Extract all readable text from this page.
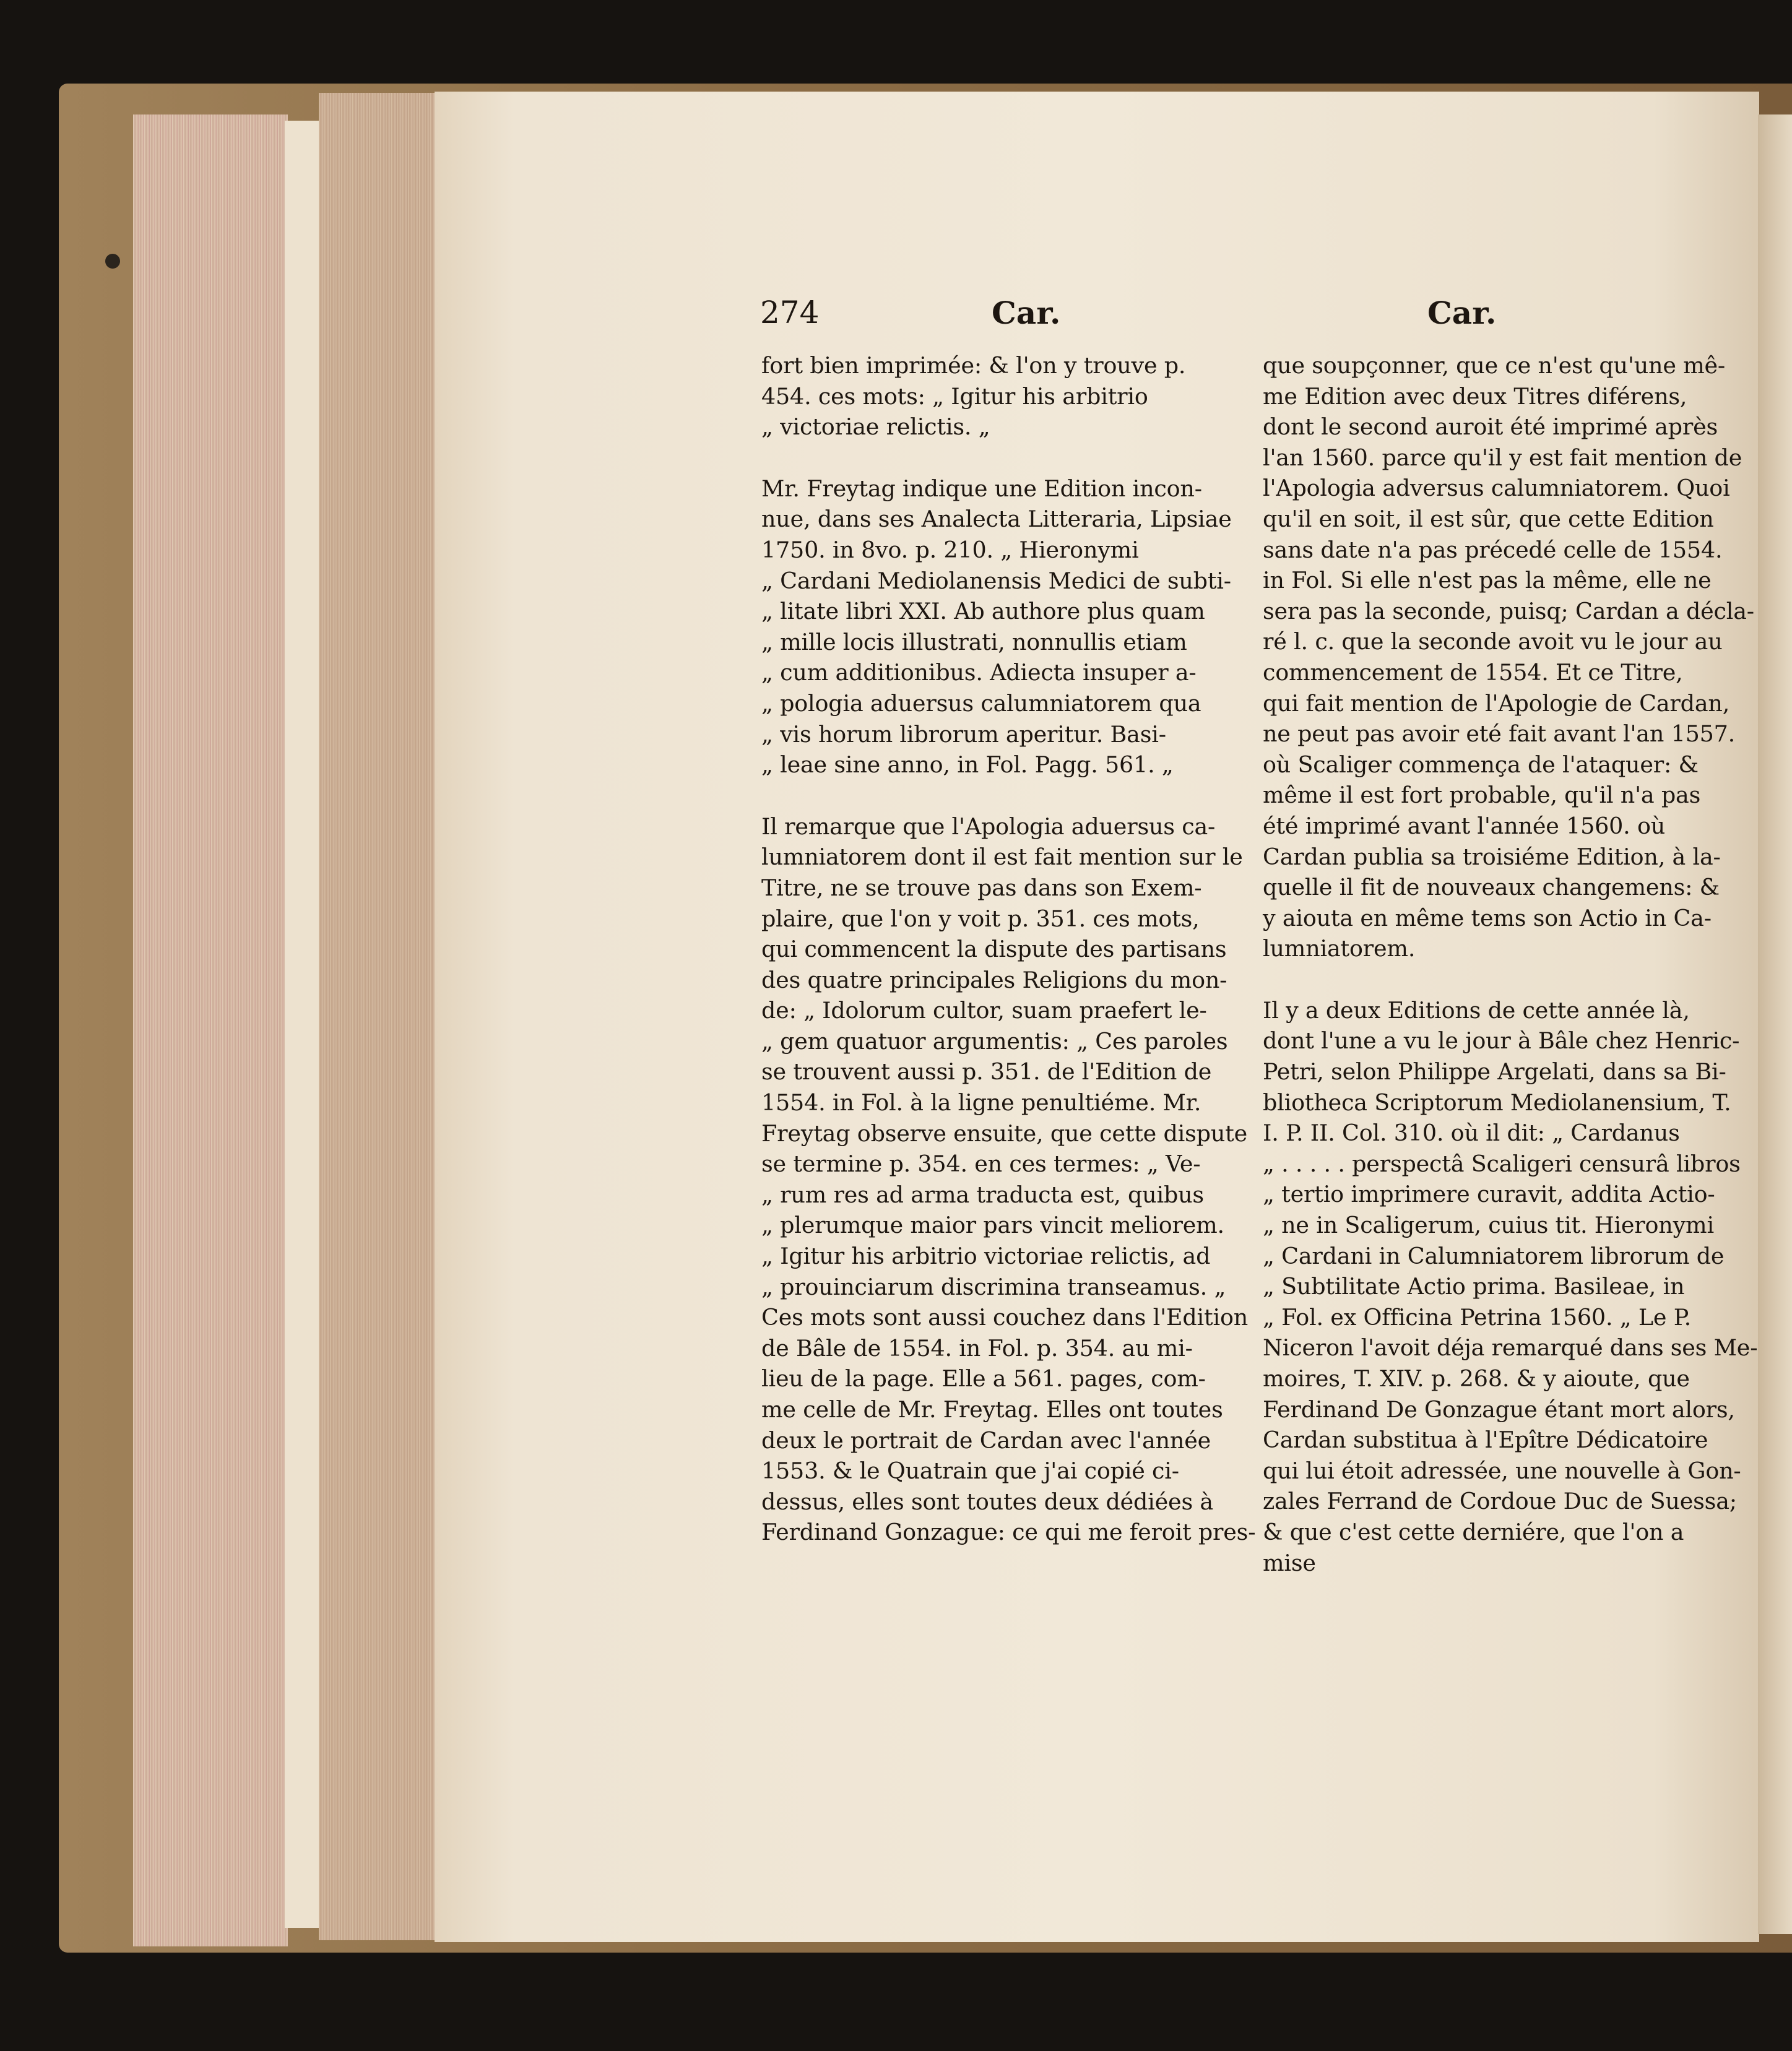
274	Car.	Car.
fort bien imprimée: & l'on y trouve p.
454. ces mots: „ Igitur his arbitrio
„ victoriae relictis. „
Mr. Freytag indique une Edition incon-
nue, dans ses Analecta Litteraria, Lipsiae
1750. in 8vo. p. 210. „ Hieronymi
„ Cardani Mediolanensis Medici de subti-
„ litate libri XXI. Ab authore plus quam
„ mille locis illustrati, nonnullis etiam
„ cum additionibus. Adiecta insuper a-
„ pologia aduersus calumniatorem qua
„ vis horum librorum aperitur. Basi-
„ leae sine anno, in Fol. Pagg. 561. „
Il remarque que l'Apologia aduersus ca-
lumniatorem dont il est fait mention sur le
Titre, ne se trouve pas dans son Exem-
plaire, que l'on y voit p. 351. ces mots,
qui commencent la dispute des partisans
des quatre principales Religions du mon-
de: „ Idolorum cultor, suam praefert le-
„ gem quatuor argumentis: „ Ces paroles
se trouvent aussi p. 351. de l'Edition de
1554. in Fol. à la ligne penultiéme. Mr.
Freytag observe ensuite, que cette dispute
se termine p. 354. en ces termes: „ Ve-
„ rum res ad arma traducta est, quibus
„ plerumque maior pars vincit meliorem.
„ Igitur his arbitrio victoriae relictis, ad
„ prouinciarum discrimina transeamus. „
Ces mots sont aussi couchez dans l'Edition
de Bâle de 1554. in Fol. p. 354. au mi-
lieu de la page. Elle a 561. pages, com-
me celle de Mr. Freytag. Elles ont toutes
deux le portrait de Cardan avec l'année
1553. & le Quatrain que j'ai copié ci-
dessus, elles sont toutes deux dédiées à
Ferdinand Gonzague: ce qui me feroit pres-
que soupçonner, que ce n'est qu'une mê-
me Edition avec deux Titres diférens,
dont le second auroit été imprimé après
l'an 1560. parce qu'il y est fait mention de
l'Apologia adversus calumniatorem. Quoi
qu'il en soit, il est sûr, que cette Edition
sans date n'a pas précedé celle de 1554.
in Fol. Si elle n'est pas la même, elle ne
sera pas la seconde, puisq; Cardan a décla-
ré l. c. que la seconde avoit vu le jour au
commencement de 1554. Et ce Titre,
qui fait mention de l'Apologie de Cardan,
ne peut pas avoir eté fait avant l'an 1557.
où Scaliger commença de l'ataquer: &
même il est fort probable, qu'il n'a pas
été imprimé avant l'année 1560. où
Cardan publia sa troisiéme Edition, à la-
quelle il fit de nouveaux changemens: &
y aiouta en même tems son Actio in Ca-
lumniatorem.
Il y a deux Editions de cette année là,
dont l'une a vu le jour à Bâle chez Henric-
Petri, selon Philippe Argelati, dans sa Bi-
bliotheca Scriptorum Mediolanensium, T.
I. P. II. Col. 310. où il dit: „ Cardanus
„ . . . . . perspectâ Scaligeri censurâ libros
„ tertio imprimere curavit, addita Actio-
„ ne in Scaligerum, cuius tit. Hieronymi
„ Cardani in Calumniatorem librorum de
„ Subtilitate Actio prima. Basileae, in
„ Fol. ex Officina Petrina 1560. „ Le P.
Niceron l'avoit déja remarqué dans ses Me-
moires, T. XIV. p. 268. & y aioute, que
Ferdinand De Gonzague étant mort alors,
Cardan substitua à l'Epître Dédicatoire
qui lui étoit adressée, une nouvelle à Gon-
zales Ferrand de Cordoue Duc de Suessa;
& que c'est cette derniére, que l'on a
mise
